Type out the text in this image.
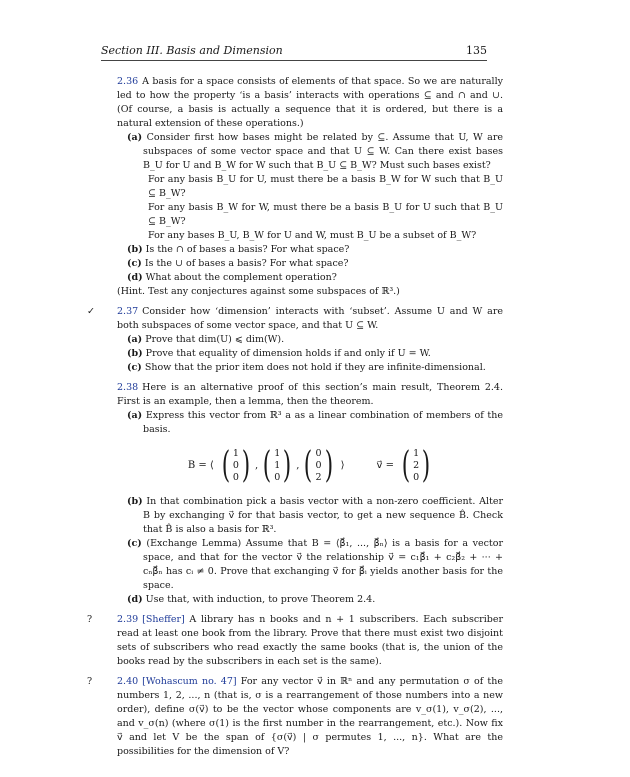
Section III. Basis and Dimension	135
2.36 A basis for a space consists of elements of that space. So we are naturally led to how the property ‘is a basis’ interacts with operations ⊆ and ∩ and ∪. (Of course, a basis is actually a sequence that it is ordered, but there is a natural extension of these operations.)
(a) Consider first how bases might be related by ⊆. Assume that U, W are subspaces of some vector space and that U ⊆ W. Can there exist bases B_U for U and B_W for W such that B_U ⊆ B_W? Must such bases exist?
For any basis B_U for U, must there be a basis B_W for W such that B_U ⊆ B_W?
For any basis B_W for W, must there be a basis B_U for U such that B_U ⊆ B_W?
For any bases B_U, B_W for U and W, must B_U be a subset of B_W?
(b) Is the ∩ of bases a basis? For what space?
(c) Is the ∪ of bases a basis? For what space?
(d) What about the complement operation?
(Hint. Test any conjectures against some subspaces of ℝ³.)
✓ 2.37 Consider how ‘dimension’ interacts with ‘subset’. Assume U and W are both subspaces of some vector space, and that U ⊆ W.
(a) Prove that dim(U) ⩽ dim(W).
(b) Prove that equality of dimension holds if and only if U = W.
(c) Show that the prior item does not hold if they are infinite-dimensional.
2.38 Here is an alternative proof of this section’s main result, Theorem 2.4. First is an example, then a lemma, then the theorem.
(a) Express this vector from ℝ³ a as a linear combination of members of the basis.
B = ⟨ ( 1
0
0 ) , ( 1
1
0 ) , ( 0
0
2 ) ⟩	v⃗ = ( 1
2
0 )
(b) In that combination pick a basis vector with a non-zero coefficient. Alter B by exchanging v⃗ for that basis vector, to get a new sequence B̂. Check that B̂ is also a basis for ℝ³.
(c) (Exchange Lemma) Assume that B = ⟨β⃗₁, ..., β⃗ₙ⟩ is a basis for a vector space, and that for the vector v⃗ the relationship v⃗ = c₁β⃗₁ + c₂β⃗₂ + ··· + cₙβ⃗ₙ has cᵢ ≠ 0. Prove that exchanging v⃗ for β⃗ᵢ yields another basis for the space.
(d) Use that, with induction, to prove Theorem 2.4.
?	2.39 [Sheffer] A library has n books and n + 1 subscribers. Each subscriber read at least one book from the library. Prove that there must exist two disjoint sets of subscribers who read exactly the same books (that is, the union of the books read by the subscribers in each set is the same).
?	2.40 [Wohascum no. 47] For any vector v⃗ in ℝⁿ and any permutation σ of the numbers 1, 2, ..., n (that is, σ is a rearrangement of those numbers into a new order), define σ(v⃗) to be the vector whose components are v_σ(1), v_σ(2), ..., and v_σ(n) (where σ(1) is the first number in the rearrangement, etc.). Now fix v⃗ and let V be the span of {σ(v⃗) | σ permutes 1, ..., n}. What are the possibilities for the dimension of V?
